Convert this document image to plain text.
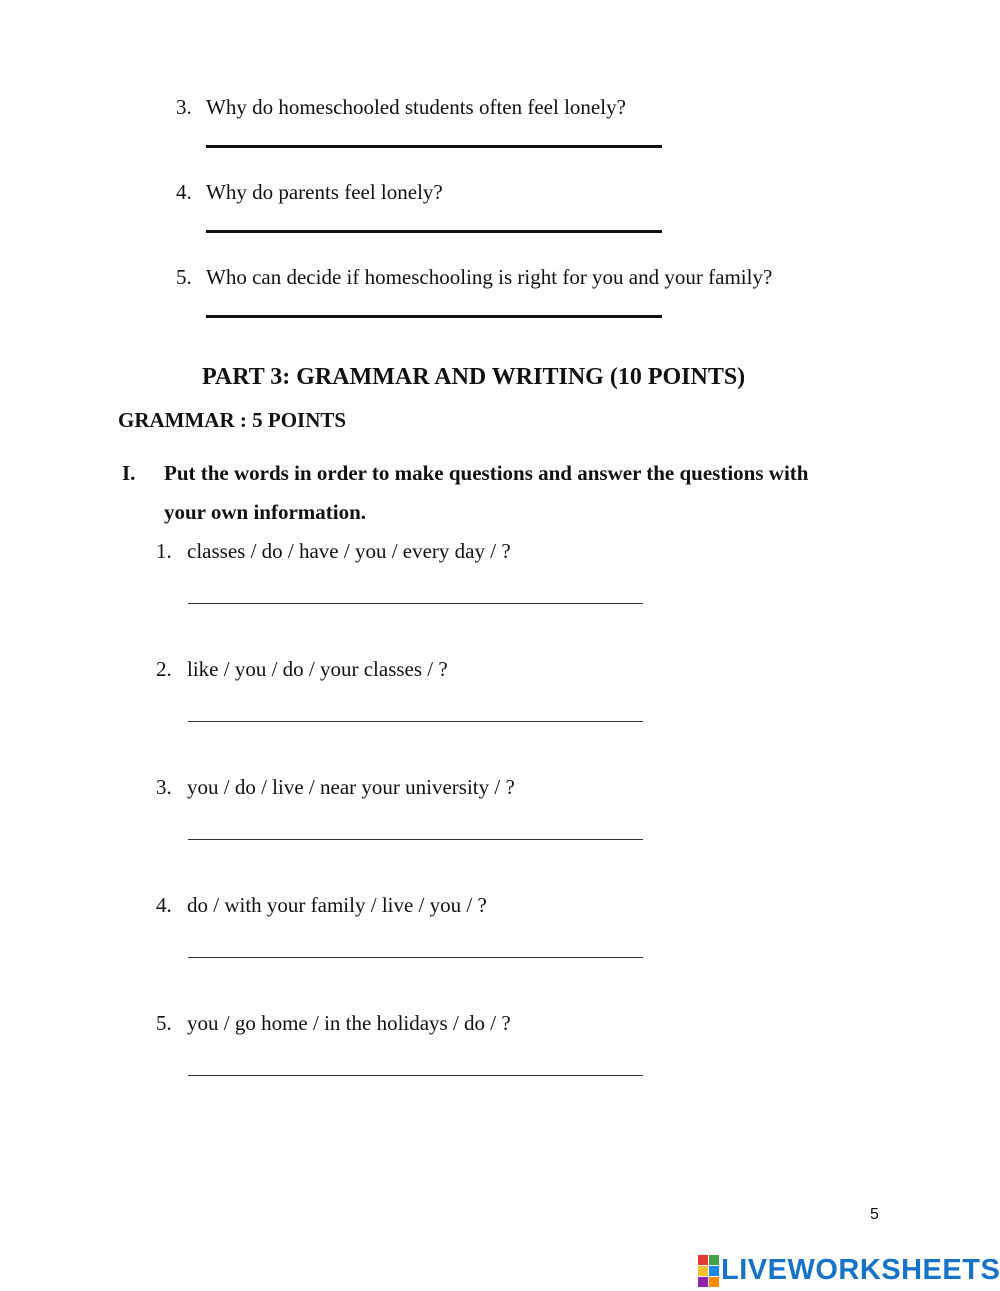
3. Why do homeschooled students often feel lonely?
4. Why do parents feel lonely?
5. Who can decide if homeschooling is right for you and your family?
PART 3: GRAMMAR AND WRITING (10 POINTS)
GRAMMAR : 5 POINTS
I. Put the words in order to make questions and answer the questions with
your own information.
1. classes / do / have / you / every day / ?
2. like / you / do / your classes / ?
3. you / do / live / near your university / ?
4. do / with your family / live / you / ?
5. you / go home / in the holidays / do / ?
5
LIVEWORKSHEETS
